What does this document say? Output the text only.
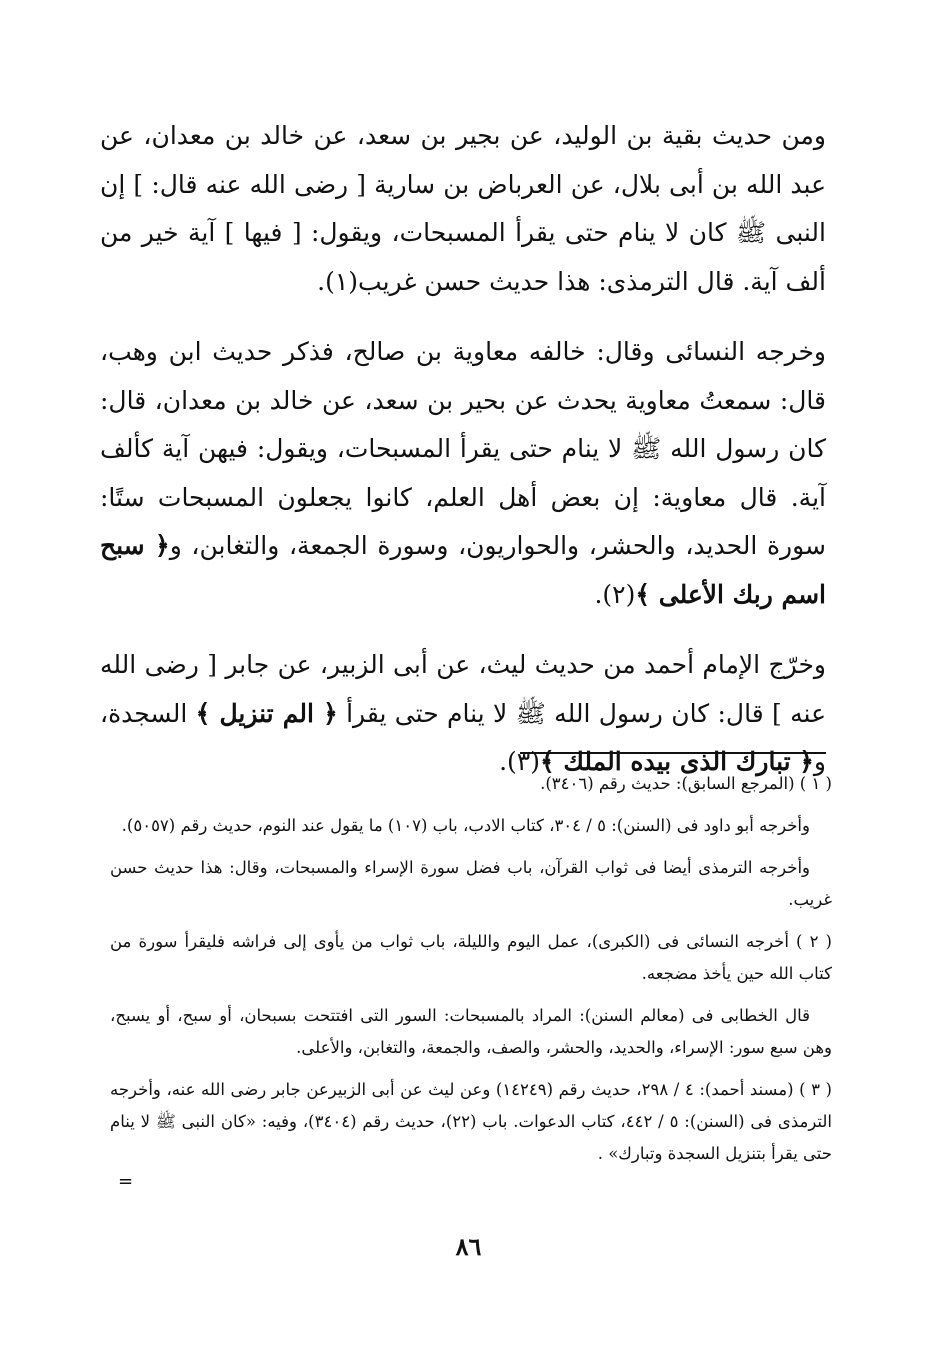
ومن حديث بقية بن الوليد، عن بجير بن سعد، عن خالد بن معدان، عن عبد الله بن أبى بلال، عن العرباض بن سارية [ رضى الله عنه قال: ] إن النبى ﷺ كان لا ينام حتى يقرأ المسبحات، ويقول: [ فيها ] آية خير من ألف آية. قال الترمذى: هذا حديث حسن غريب(١).

وخرجه النسائى وقال: خالفه معاوية بن صالح، فذكر حديث ابن وهب، قال: سمعتُ معاوية يحدث عن بحير بن سعد، عن خالد بن معدان، قال: كان رسول الله ﷺ لا ينام حتى يقرأ المسبحات، ويقول: فيهن آية كألف آية. قال معاوية: إن بعض أهل العلم، كانوا يجعلون المسبحات ستًا: سورة الحديد، والحشر، والحواريون، وسورة الجمعة، والتغابن، و﴿ سبح اسم ربك الأعلى ﴾(٢).

وخرّج الإمام أحمد من حديث ليث، عن أبى الزبير، عن جابر [ رضى الله عنه ] قال: كان رسول الله ﷺ لا ينام حتى يقرأ ﴿ الم تنزيل ﴾ السجدة، و﴿ تبارك الذى بيده الملك ﴾(٣).

( ١ ) (المرجع السابق): حديث رقم (٣٤٠٦).

وأخرجه أبو داود فى (السنن): ٥ / ٣٠٤، كتاب الادب، باب (١٠٧) ما يقول عند النوم، حديث رقم (٥٠٥٧).

وأخرجه الترمذى أيضا فى ثواب القرآن، باب فضل سورة الإسراء والمسبحات، وقال: هذا حديث حسن غريب.

( ٢ ) أخرجه النسائى فى (الكبرى)، عمل اليوم والليلة، باب ثواب من يأوى إلى فراشه فليقرأ سورة من كتاب الله حين يأخذ مضجعه.

قال الخطابى فى (معالم السنن): المراد بالمسبحات: السور التى افتتحت بسبحان، أو سبح، أو يسبح، وهن سبع سور: الإسراء، والحديد، والحشر، والصف، والجمعة، والتغابن، والأعلى.

( ٣ ) (مسند أحمد): ٤ / ٢٩٨، حديث رقم (١٤٢٤٩) وعن ليث عن أبى الزبيرعن جابر رضى الله عنه، وأخرجه الترمذى فى (السنن): ٥ / ٤٤٢، كتاب الدعوات. باب (٢٢)، حديث رقم (٣٤٠٤)، وفيه: «كان النبى ﷺ لا ينام حتى يقرأ بتنزيل السجدة وتبارك» .

=
٨٦
